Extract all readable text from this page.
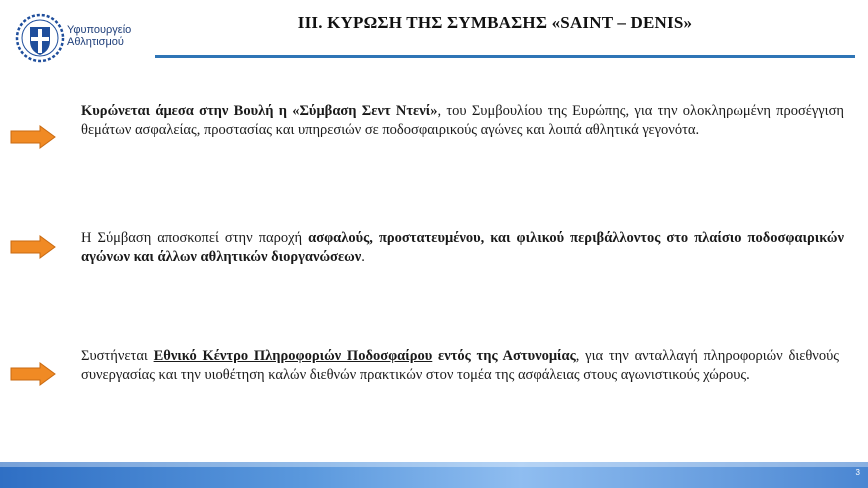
Υφυπουργείο
Αθλητισμού
ΙΙΙ. ΚΥΡΩΣΗ ΤΗΣ ΣΥΜΒΑΣΗΣ «SAINT – DENIS»
Κυρώνεται άμεσα στην Βουλή η «Σύμβαση Σεντ Ντενί», του Συμβουλίου της Ευρώπης, για την ολοκληρωμένη προσέγγιση θεμάτων ασφαλείας, προστασίας και υπηρεσιών σε ποδοσφαιρικούς αγώνες και λοιπά αθλητικά γεγονότα.
Η Σύμβαση αποσκοπεί στην παροχή ασφαλούς, προστατευμένου, και φιλικού περιβάλλοντος στο πλαίσιο ποδοσφαιρικών αγώνων και άλλων αθλητικών διοργανώσεων.
Συστήνεται Εθνικό Κέντρο Πληροφοριών Ποδοσφαίρου εντός της Αστυνομίας, για την ανταλλαγή πληροφοριών διεθνούς συνεργασίας και την υιοθέτηση καλών διεθνών πρακτικών στον τομέα της ασφάλειας στους αγωνιστικούς χώρους.
3
